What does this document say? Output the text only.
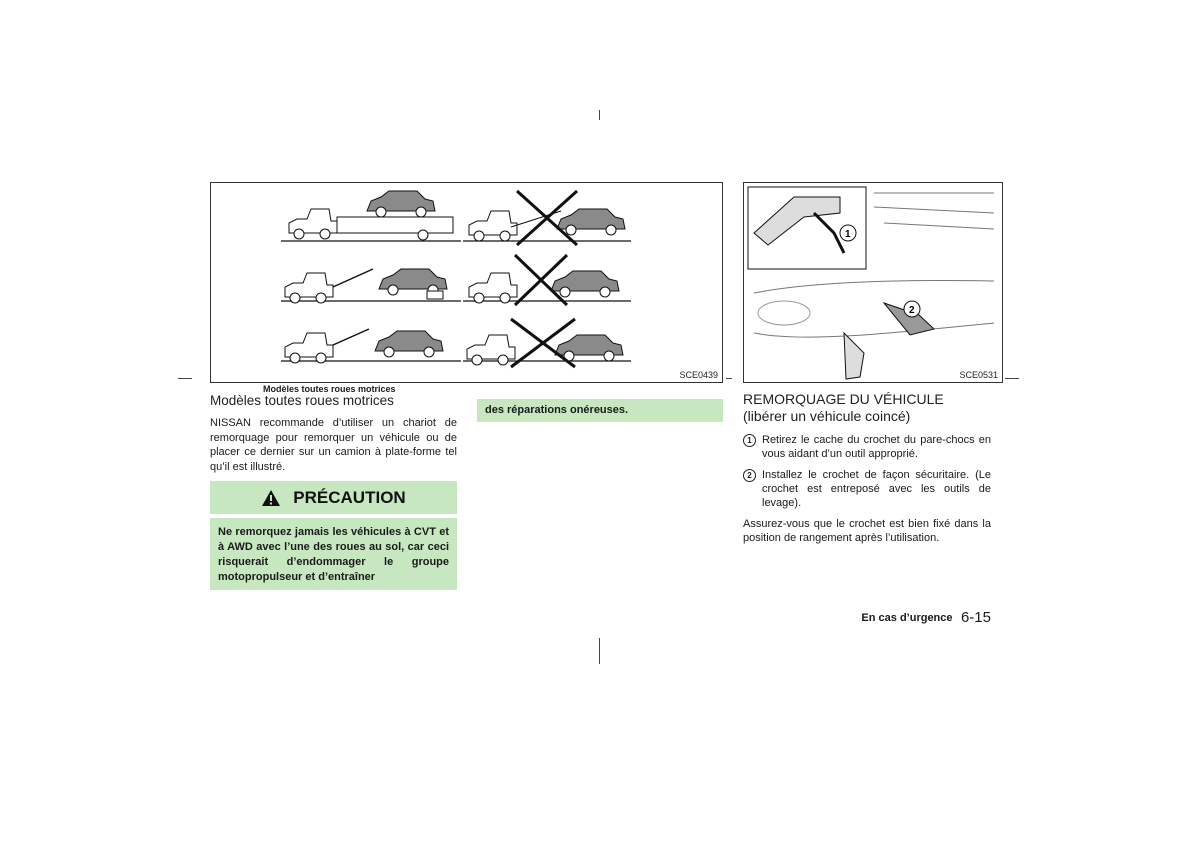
SCE0439
Modèles toutes roues motrices
1
2
SCE0531
Modèles toutes roues motrices
NISSAN recommande d’utiliser un chariot de remorquage pour remorquer un véhicule ou de placer ce dernier sur un camion à plate-forme tel qu’il est illustré.
PRÉCAUTION
Ne remorquez jamais les véhicules à CVT et à AWD avec l’une des roues au sol, car ceci risquerait d’endommager le groupe motopropulseur et d’entraîner
des réparations onéreuses.
REMORQUAGE DU VÉHICULE
(libérer un véhicule coincé)
1 Retirez le cache du crochet du pare-chocs en vous aidant d’un outil approprié.
2 Installez le crochet de façon sécuritaire. (Le crochet est entreposé avec les outils de levage).
Assurez-vous que le crochet est bien fixé dans la position de rangement après l’utilisation.
En cas d’urgence 6-15
